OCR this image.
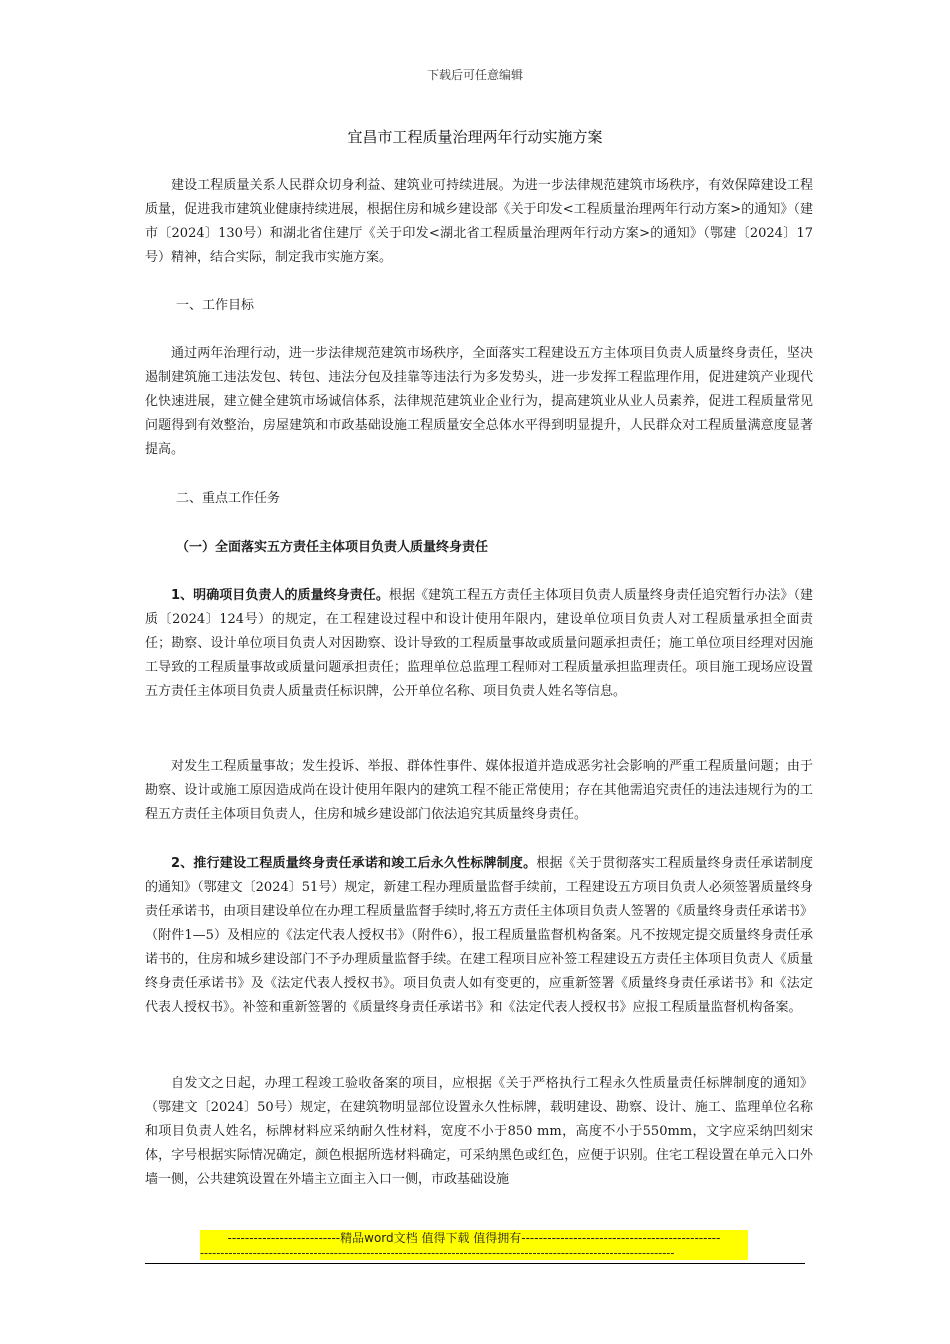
下载后可任意编辑
宜昌市工程质量治理两年行动实施方案

建设工程质量关系人民群众切身利益、建筑业可持续进展。为进一步法律规范建筑市场秩序，有效保障建设工程质量，促进我市建筑业健康持续进展，根据住房和城乡建设部《关于印发<工程质量治理两年行动方案>的通知》（建市〔2024〕130号）和湖北省住建厅《关于印发<湖北省工程质量治理两年行动方案>的通知》（鄂建〔2024〕17号）精神，结合实际，制定我市实施方案。

一、工作目标

通过两年治理行动，进一步法律规范建筑市场秩序，全面落实工程建设五方主体项目负责人质量终身责任，坚决遏制建筑施工违法发包、转包、违法分包及挂靠等违法行为多发势头，进一步发挥工程监理作用，促进建筑产业现代化快速进展，建立健全建筑市场诚信体系，法律规范建筑业企业行为，提高建筑业从业人员素养，促进工程质量常见问题得到有效整治，房屋建筑和市政基础设施工程质量安全总体水平得到明显提升，人民群众对工程质量满意度显著提高。

二、重点工作任务

（一）全面落实五方责任主体项目负责人质量终身责任

1、明确项目负责人的质量终身责任。根据《建筑工程五方责任主体项目负责人质量终身责任追究暂行办法》（建质〔2024〕124号）的规定，在工程建设过程中和设计使用年限内，建设单位项目负责人对工程质量承担全面责任；勘察、设计单位项目负责人对因勘察、设计导致的工程质量事故或质量问题承担责任；施工单位项目经理对因施工导致的工程质量事故或质量问题承担责任；监理单位总监理工程师对工程质量承担监理责任。项目施工现场应设置五方责任主体项目负责人质量责任标识牌，公开单位名称、项目负责人姓名等信息。

对发生工程质量事故；发生投诉、举报、群体性事件、媒体报道并造成恶劣社会影响的严重工程质量问题；由于勘察、设计或施工原因造成尚在设计使用年限内的建筑工程不能正常使用；存在其他需追究责任的违法违规行为的工程五方责任主体项目负责人，住房和城乡建设部门依法追究其质量终身责任。

2、推行建设工程质量终身责任承诺和竣工后永久性标牌制度。根据《关于贯彻落实工程质量终身责任承诺制度的通知》（鄂建文〔2024〕51号）规定，新建工程办理质量监督手续前，工程建设五方项目负责人必须签署质量终身责任承诺书，由项目建设单位在办理工程质量监督手续时,将五方责任主体项目负责人签署的《质量终身责任承诺书》（附件1—5）及相应的《法定代表人授权书》（附件6），报工程质量监督机构备案。凡不按规定提交质量终身责任承诺书的，住房和城乡建设部门不予办理质量监督手续。在建工程项目应补签工程建设五方责任主体项目负责人《质量终身责任承诺书》及《法定代表人授权书》。项目负责人如有变更的，应重新签署《质量终身责任承诺书》和《法定代表人授权书》。补签和重新签署的《质量终身责任承诺书》和《法定代表人授权书》应报工程质量监督机构备案。

自发文之日起，办理工程竣工验收备案的项目，应根据《关于严格执行工程永久性质量责任标牌制度的通知》（鄂建文〔2024〕50号）规定，在建筑物明显部位设置永久性标牌，载明建设、勘察、设计、施工、监理单位名称和项目负责人姓名，标牌材料应采纳耐久性材料，宽度不小于850 mm，高度不小于550mm，文字应采纳凹刻宋体，字号根据实际情况确定，颜色根据所选材料确定，可采纳黑色或红色，应便于识别。住宅工程设置在单元入口外墙一侧，公共建筑设置在外墙主立面主入口一侧，市政基础设施

--------------------------精品word文档 值得下载 值得拥有----------------------------------------------
---------------------------------------------------------------------------------------------------------------------
